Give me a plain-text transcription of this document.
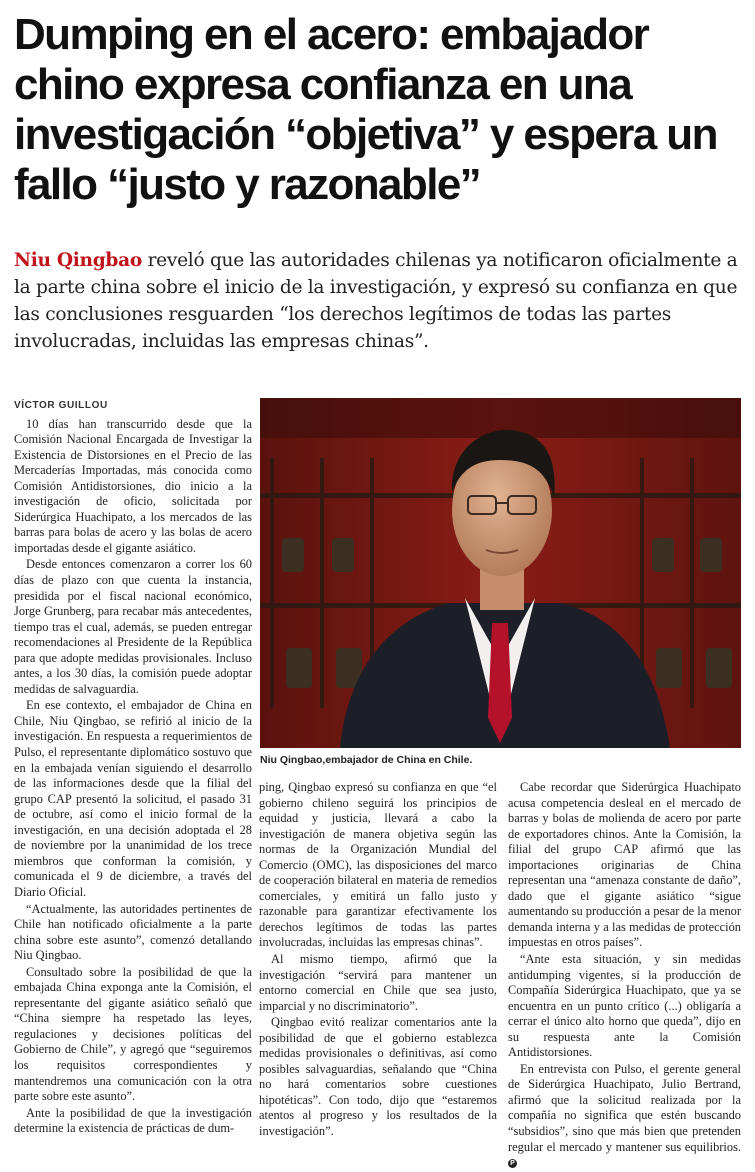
Dumping en el acero: embajador chino expresa confianza en una investigación “objetiva” y espera un fallo “justo y razonable”

Niu Qingbao reveló que las autoridades chilenas ya notificaron oficialmente a la parte china sobre el inicio de la investigación, y expresó su confianza en que las conclusiones resguarden “los derechos legítimos de todas las partes involucradas, incluidas las empresas chinas”.

VÍCTOR GUILLOU

10 días han transcurrido desde que la Comisión Nacional Encargada de Investigar la Existencia de Distorsiones en el Precio de las Mercaderías Importadas, más conocida como Comisión Antidistorsiones, dio inicio a la investigación de oficio, solicitada por Siderúrgica Huachipato, a los mercados de las barras para bolas de acero y las bolas de acero importadas desde el gigante asiático.

Desde entonces comenzaron a correr los 60 días de plazo con que cuenta la instancia, presidida por el fiscal nacional económico, Jorge Grunberg, para recabar más antecedentes, tiempo tras el cual, además, se pueden entregar recomendaciones al Presidente de la República para que adopte medidas provisionales. Incluso antes, a los 30 días, la comisión puede adoptar medidas de salvaguardia.

En ese contexto, el embajador de China en Chile, Niu Qingbao, se refirió al inicio de la investigación. En respuesta a requerimientos de Pulso, el representante diplomático sostuvo que en la embajada venían siguiendo el desarrollo de las informaciones desde que la filial del grupo CAP presentó la solicitud, el pasado 31 de octubre, así como el inicio formal de la investigación, en una decisión adoptada el 28 de noviembre por la unanimidad de los trece miembros que conforman la comisión, y comunicada el 9 de diciembre, a través del Diario Oficial.

“Actualmente, las autoridades pertinentes de Chile han notificado oficialmente a la parte china sobre este asunto”, comenzó detallando Niu Qingbao.

Consultado sobre la posibilidad de que la embajada China exponga ante la Comisión, el representante del gigante asiático señaló que “China siempre ha respetado las leyes, regulaciones y decisiones políticas del Gobierno de Chile”, y agregó que “seguiremos los requisitos correspondientes y mantendremos una comunicación con la otra parte sobre este asunto”.

Ante la posibilidad de que la investigación determine la existencia de prácticas de dum-

Niu Qingbao,embajador de China en Chile.

ping, Qingbao expresó su confianza en que “el gobierno chileno seguirá los principios de equidad y justicia, llevará a cabo la investigación de manera objetiva según las normas de la Organización Mundial del Comercio (OMC), las disposiciones del marco de cooperación bilateral en materia de remedios comerciales, y emitirá un fallo justo y razonable para garantizar efectivamente los derechos legítimos de todas las partes involucradas, incluidas las empresas chinas”.

Al mismo tiempo, afirmó que la investigación “servirá para mantener un entorno comercial en Chile que sea justo, imparcial y no discriminatorio”.

Qingbao evitó realizar comentarios ante la posibilidad de que el gobierno establezca medidas provisionales o definitivas, así como posibles salvaguardias, señalando que “China no hará comentarios sobre cuestiones hipotéticas”. Con todo, dijo que “estaremos atentos al progreso y los resultados de la investigación”.

Cabe recordar que Siderúrgica Huachipato acusa competencia desleal en el mercado de barras y bolas de molienda de acero por parte de exportadores chinos. Ante la Comisión, la filial del grupo CAP afirmó que las importaciones originarias de China representan una “amenaza constante de daño”, dado que el gigante asiático “sigue aumentando su producción a pesar de la menor demanda interna y a las medidas de protección impuestas en otros países”.

“Ante esta situación, y sin medidas antidumping vigentes, si la producción de Compañía Siderúrgica Huachipato, que ya se encuentra en un punto crítico (...) obligaría a cerrar el único alto horno que queda”, dijo en su respuesta ante la Comisión Antidistorsiones.

En entrevista con Pulso, el gerente general de Siderúrgica Huachipato, Julio Bertrand, afirmó que la solicitud realizada por la compañía no significa que estén buscando “subsidios”, sino que más bien que pretenden regular el mercado y mantener sus equilibrios. P
